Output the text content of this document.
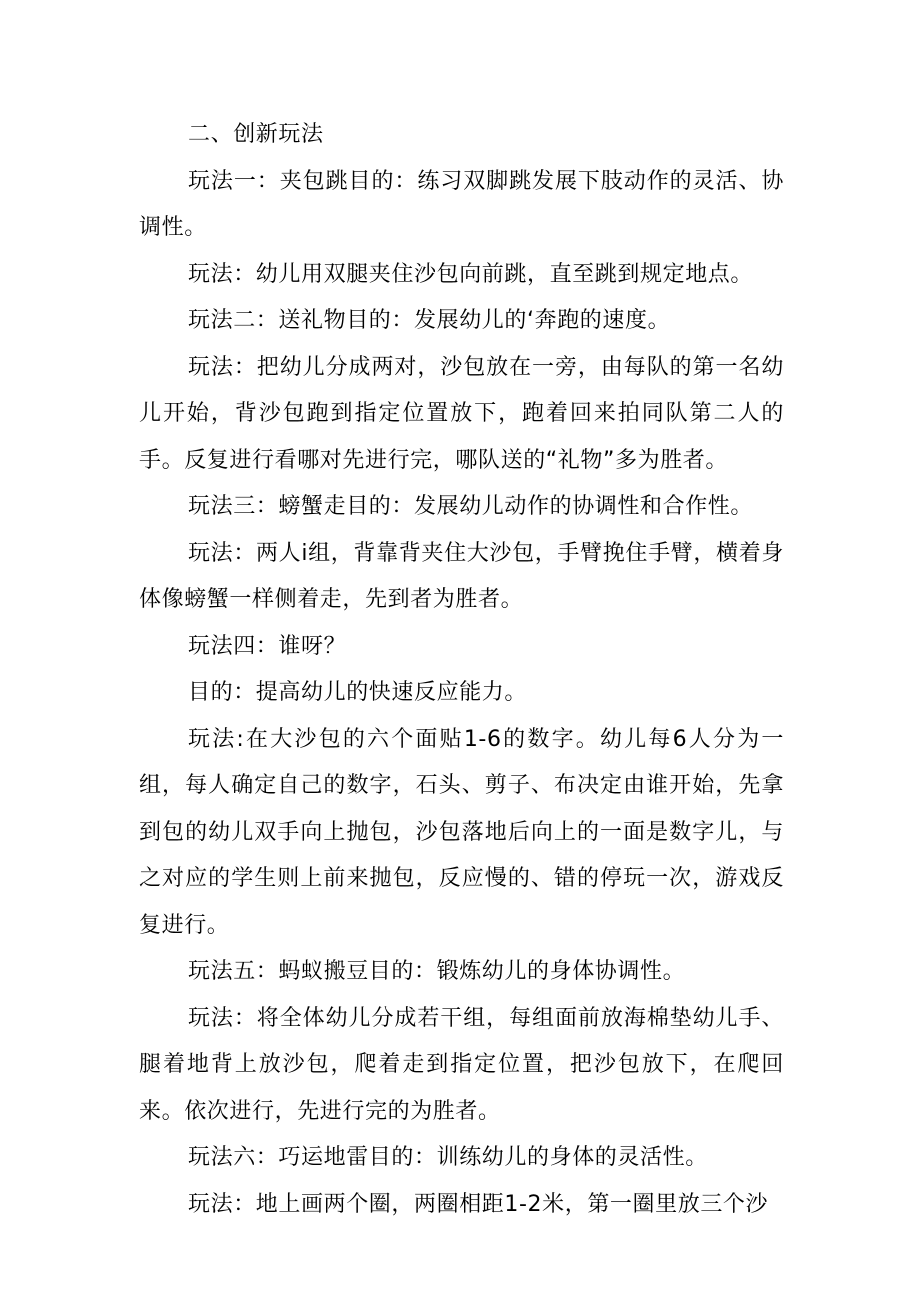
二、创新玩法

玩法一：夹包跳目的：练习双脚跳发展下肢动作的灵活、协调性。

玩法：幼儿用双腿夹住沙包向前跳，直至跳到规定地点。

玩法二：送礼物目的：发展幼儿的‘奔跑的速度。

玩法：把幼儿分成两对，沙包放在一旁，由每队的第一名幼儿开始，背沙包跑到指定位置放下，跑着回来拍同队第二人的手。反复进行看哪对先进行完，哪队送的“礼物”多为胜者。

玩法三：螃蟹走目的：发展幼儿动作的协调性和合作性。

玩法：两人i组，背靠背夹住大沙包，手臂挽住手臂，横着身体像螃蟹一样侧着走，先到者为胜者。

玩法四：谁呀？

目的：提高幼儿的快速反应能力。

玩法:在大沙包的六个面贴1-6的数字。幼儿每6人分为一组，每人确定自己的数字，石头、剪子、布决定由谁开始，先拿到包的幼儿双手向上抛包，沙包落地后向上的一面是数字儿，与之对应的学生则上前来抛包，反应慢的、错的停玩一次，游戏反复进行。

玩法五：蚂蚁搬豆目的：锻炼幼儿的身体协调性。

玩法：将全体幼儿分成若干组，每组面前放海棉垫幼儿手、腿着地背上放沙包，爬着走到指定位置，把沙包放下，在爬回来。依次进行，先进行完的为胜者。

玩法六：巧运地雷目的：训练幼儿的身体的灵活性。

玩法：地上画两个圈，两圈相距1-2米，第一圈里放三个沙
